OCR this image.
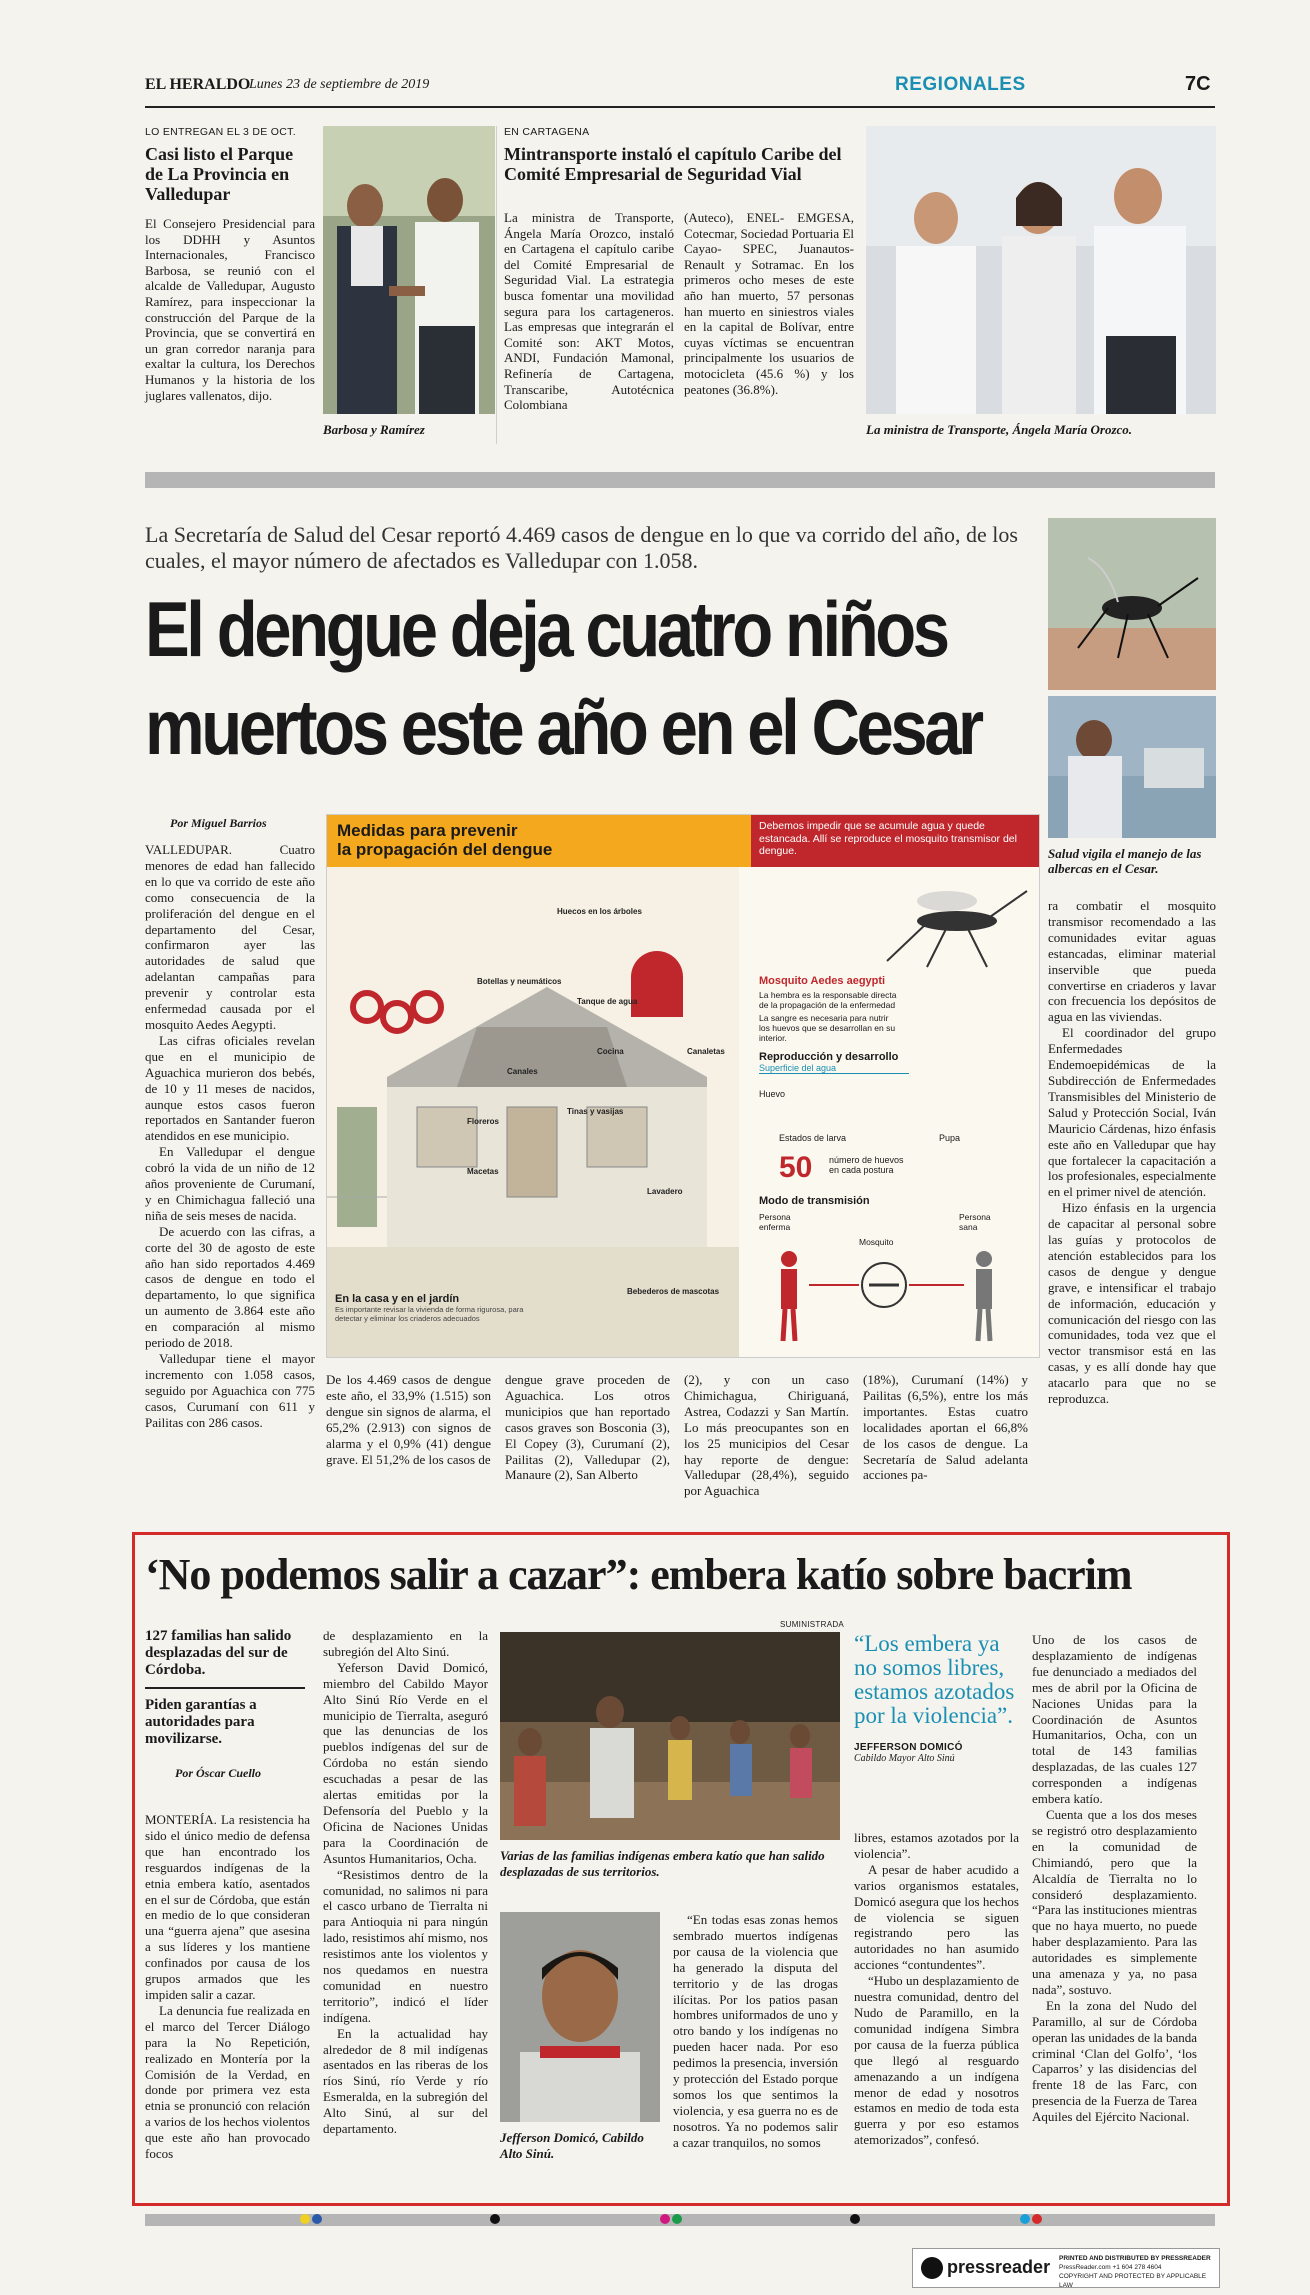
EL HERALDO
Lunes 23 de septiembre de 2019	REGIONALES	7C
LO ENTREGAN EL 3 DE OCT.
Casi listo el Parque de La Provincia en Valledupar

El Consejero Presidencial para los DDHH y Asuntos Internacionales, Francisco Barbosa, se reunió con el alcalde de Valledupar, Augusto Ramírez, para inspeccionar la construcción del Parque de la Provincia, que se convertirá en un gran corredor naranja para exaltar la cultura, los Derechos Humanos y la historia de los juglares vallenatos, dijo.

Barbosa y Ramírez
EN CARTAGENA
Mintransporte instaló el capítulo Caribe del Comité Empresarial de Seguridad Vial

La ministra de Transporte, Ángela María Orozco, instaló en Cartagena el capítulo caribe del Comité Empresarial de Seguridad Vial. La estrategia busca fomentar una movilidad segura para los cartageneros. Las empresas que integrarán el Comité son: AKT Motos, ANDI, Fundación Mamonal, Refinería de Cartagena, Transcaribe, Autotécnica Colombiana

(Auteco), ENEL- EMGESA, Cotecmar, Sociedad Portuaria El Cayao- SPEC, Juanautos- Renault y Sotramac. En los primeros ocho meses de este año han muerto, 57 personas han muerto en siniestros viales en la capital de Bolívar, entre cuyas víctimas se encuentran principalmente los usuarios de motocicleta (45.6 %) y los peatones (36.8%).

La ministra de Transporte, Ángela María Orozco.
La Secretaría de Salud del Cesar reportó 4.469 casos de dengue en lo que va corrido del año, de los cuales, el mayor número de afectados es Valledupar con 1.058.
El dengue deja cuatro niños
muertos este año en el Cesar
Salud vigila el manejo de las albercas en el Cesar.
Por Miguel Barrios

VALLEDUPAR. Cuatro menores de edad han fallecido en lo que va corrido de este año como consecuencia de la proliferación del dengue en el departamento del Cesar, confirmaron ayer las autoridades de salud que adelantan campañas para prevenir y controlar esta enfermedad causada por el mosquito Aedes Aegypti.

Las cifras oficiales revelan que en el municipio de Aguachica murieron dos bebés, de 10 y 11 meses de nacidos, aunque estos casos fueron reportados en Santander fueron atendidos en ese municipio.

En Valledupar el dengue cobró la vida de un niño de 12 años proveniente de Curumaní, y en Chimichagua falleció una niña de seis meses de nacida.

De acuerdo con las cifras, a corte del 30 de agosto de este año han sido reportados 4.469 casos de dengue en todo el departamento, lo que significa un aumento de 3.864 este año en comparación al mismo periodo de 2018.

Valledupar tiene el mayor incremento con 1.058 casos, seguido por Aguachica con 775 casos, Curumaní con 611 y Pailitas con 286 casos.

Medidas para prevenir
la propagación del dengue
Debemos impedir que se acumule agua y quede estancada. Allí se reproduce el mosquito transmisor del dengue.
Huecos en los árboles
Botellas y neumáticos
Tanque de agua
Canales
Cocina
Floreros
Macetas
Tinas y vasijas
Lavadero
Bebederos de mascotas
Canaletas
En la casa y en el jardín
Es importante revisar la vivienda de forma rigurosa, para detectar y eliminar los criaderos adecuados
Mosquito Aedes aegypti
La hembra es la responsable directa de la propagación de la enfermedad
La sangre es necesaria para nutrir los huevos que se desarrollan en su interior.
Reproducción y desarrollo
Superficie del agua
Huevo
Estados de larva	Pupa
50 número de huevos en cada postura
Modo de transmisión
Persona enferma
Mosquito
Persona sana

De los 4.469 casos de dengue este año, el 33,9% (1.515) son dengue sin signos de alarma, el 65,2% (2.913) con signos de alarma y el 0,9% (41) dengue grave. El 51,2% de los casos de

dengue grave proceden de Aguachica. Los otros municipios que han reportado casos graves son Bosconia (3), El Copey (3), Curumaní (2), Pailitas (2), Valledupar (2), Manaure (2), San Alberto

(2), y con un caso Chimichagua, Chiriguaná, Astrea, Codazzi y San Martín. Lo más preocupantes son en los 25 municipios del Cesar hay reporte de dengue: Valledupar (28,4%), seguido por Aguachica

(18%), Curumaní (14%) y Pailitas (6,5%), entre los más importantes. Estas cuatro localidades aportan el 66,8% de los casos de dengue. La Secretaría de Salud adelanta acciones pa-

ra combatir el mosquito transmisor recomendado a las comunidades evitar aguas estancadas, eliminar material inservible que pueda convertirse en criaderos y lavar con frecuencia los depósitos de agua en las viviendas.

El coordinador del grupo Enfermedades Endemoepidémicas de la Subdirección de Enfermedades Transmisibles del Ministerio de Salud y Protección Social, Iván Mauricio Cárdenas, hizo énfasis este año en Valledupar que hay que fortalecer la capacitación a los profesionales, especialmente en el primer nivel de atención.

Hizo énfasis en la urgencia de capacitar al personal sobre las guías y protocolos de atención establecidos para los casos de dengue y dengue grave, e intensificar el trabajo de información, educación y comunicación del riesgo con las comunidades, toda vez que el vector transmisor está en las casas, y es allí donde hay que atacarlo para que no se reproduzca.

‘No podemos salir a cazar”: embera katío sobre bacrim
127 familias han salido desplazadas del sur de Córdoba.
Piden garantías a autoridades para movilizarse.
Por Óscar Cuello

MONTERÍA. La resistencia ha sido el único medio de defensa que han encontrado los resguardos indígenas de la etnia embera katío, asentados en el sur de Córdoba, que están en medio de lo que consideran una “guerra ajena” que asesina a sus líderes y los mantiene confinados por causa de los grupos armados que les impiden salir a cazar.

La denuncia fue realizada en el marco del Tercer Diálogo para la No Repetición, realizado en Montería por la Comisión de la Verdad, en donde por primera vez esta etnia se pronunció con relación a varios de los hechos violentos que este año han provocado focos

de desplazamiento en la subregión del Alto Sinú.

Yeferson David Domicó, miembro del Cabildo Mayor Alto Sinú Río Verde en el municipio de Tierralta, aseguró que las denuncias de los pueblos indígenas del sur de Córdoba no están siendo escuchadas a pesar de las alertas emitidas por la Defensoría del Pueblo y la Oficina de Naciones Unidas para la Coordinación de Asuntos Humanitarios, Ocha.

“Resistimos dentro de la comunidad, no salimos ni para el casco urbano de Tierralta ni para Antioquia ni para ningún lado, resistimos ahí mismo, nos resistimos ante los violentos y nos quedamos en nuestra comunidad en nuestro territorio”, indicó el líder indígena.

En la actualidad hay alrededor de 8 mil indígenas asentados en las riberas de los ríos Sinú, río Verde y río Esmeralda, en la subregión del Alto Sinú, al sur del departamento.

SUMINISTRADA
Varias de las familias indígenas embera katío que han salido desplazadas de sus territorios.
Jefferson Domicó, Cabildo Alto Sinú.

“En todas esas zonas hemos sembrado muertos indígenas por causa de la violencia que ha generado la disputa del territorio y de las drogas ilícitas. Por los patios pasan hombres uniformados de uno y otro bando y los indígenas no pueden hacer nada. Por eso pedimos la presencia, inversión y protección del Estado porque somos los que sentimos la violencia, y esa guerra no es de nosotros. Ya no podemos salir a cazar tranquilos, no somos

“Los embera ya no somos libres, estamos azotados por la violencia”.
JEFFERSON DOMICÓ
Cabildo Mayor Alto Sinú

libres, estamos azotados por la violencia”.

A pesar de haber acudido a varios organismos estatales, Domicó asegura que los hechos de violencia se siguen registrando pero las autoridades no han asumido acciones “contundentes”.

“Hubo un desplazamiento de nuestra comunidad, dentro del Nudo de Paramillo, en la comunidad indígena Simbra por causa de la fuerza pública que llegó al resguardo amenazando a un indígena menor de edad y nosotros estamos en medio de toda esta guerra y por eso estamos atemorizados”, confesó.

Uno de los casos de desplazamiento de indígenas fue denunciado a mediados del mes de abril por la Oficina de Naciones Unidas para la Coordinación de Asuntos Humanitarios, Ocha, con un total de 143 familias desplazadas, de las cuales 127 corresponden a indígenas embera katío.

Cuenta que a los dos meses se registró otro desplazamiento en la comunidad de Chimiandó, pero que la Alcaldía de Tierralta no lo consideró desplazamiento. “Para las instituciones mientras que no haya muerto, no puede haber desplazamiento. Para las autoridades es simplemente una amenaza y ya, no pasa nada”, sostuvo.

En la zona del Nudo del Paramillo, al sur de Córdoba operan las unidades de la banda criminal ‘Clan del Golfo’, ‘los Caparros’ y las disidencias del frente 18 de las Farc, con presencia de la Fuerza de Tarea Aquiles del Ejército Nacional.

pressreader PRINTED AND DISTRIBUTED BY PRESSREADER
PressReader.com +1 604 278 4604
COPYRIGHT AND PROTECTED BY APPLICABLE LAW
